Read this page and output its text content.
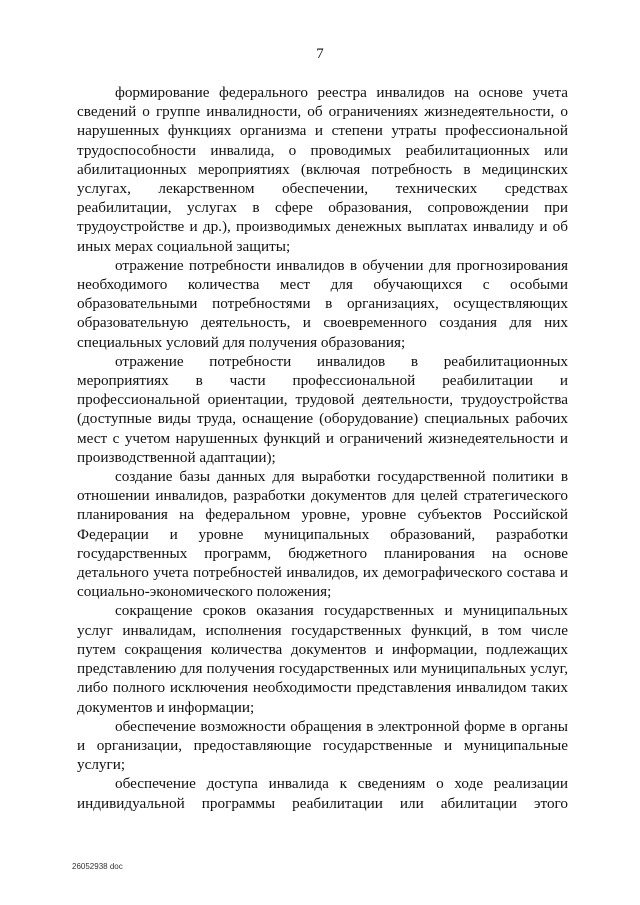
7

формирование федерального реестра инвалидов на основе учета сведений о группе инвалидности, об ограничениях жизнедеятельности, о нарушенных функциях организма и степени утраты профессиональной трудоспособности инвалида, о проводимых реабилитационных или абилитационных мероприятиях (включая потребность в медицинских услугах, лекарственном обеспечении, технических средствах реабилитации, услугах в сфере образования, сопровождении при трудоустройстве и др.), производимых денежных выплатах инвалиду и об иных мерах социальной защиты;

отражение потребности инвалидов в обучении для прогнозирования необходимого количества мест для обучающихся с особыми образовательными потребностями в организациях, осуществляющих образовательную деятельность, и своевременного создания для них специальных условий для получения образования;

отражение потребности инвалидов в реабилитационных мероприятиях в части профессиональной реабилитации и профессиональной ориентации, трудовой деятельности, трудоустройства (доступные виды труда, оснащение (оборудование) специальных рабочих мест с учетом нарушенных функций и ограничений жизнедеятельности и производственной адаптации);

создание базы данных для выработки государственной политики в отношении инвалидов, разработки документов для целей стратегического планирования на федеральном уровне, уровне субъектов Российской Федерации и уровне муниципальных образований, разработки государственных программ, бюджетного планирования на основе детального учета потребностей инвалидов, их демографического состава и социально-экономического положения;

сокращение сроков оказания государственных и муниципальных услуг инвалидам, исполнения государственных функций, в том числе путем сокращения количества документов и информации, подлежащих представлению для получения государственных или муниципальных услуг, либо полного исключения необходимости представления инвалидом таких документов и информации;

обеспечение возможности обращения в электронной форме в органы и организации, предоставляющие государственные и муниципальные услуги;

обеспечение доступа инвалида к сведениям о ходе реализации индивидуальной программы реабилитации или абилитации этого

26052938 doc
